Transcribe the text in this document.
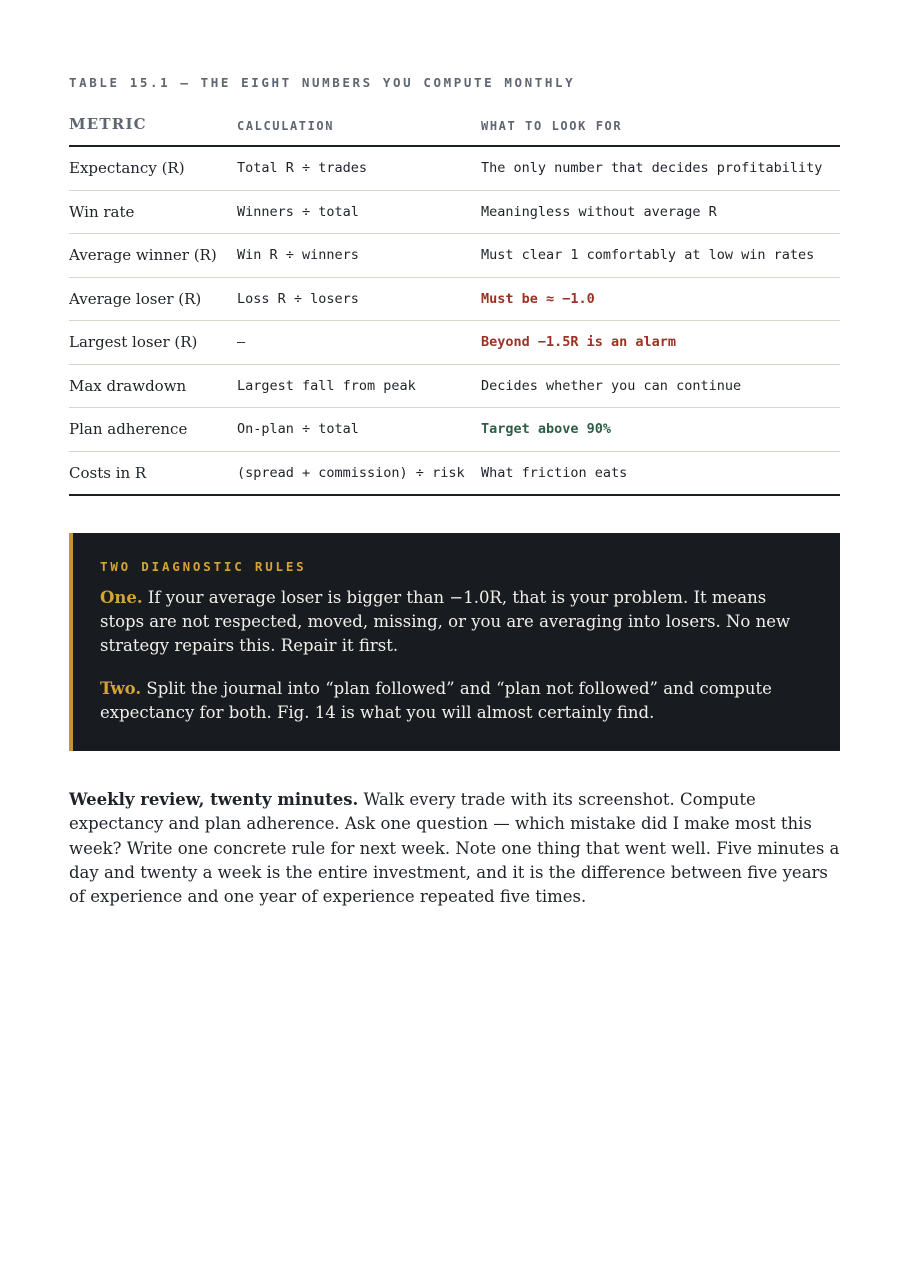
TABLE 15.1 — THE EIGHT NUMBERS YOU COMPUTE MONTHLY

METRIC	CALCULATION	WHAT TO LOOK FOR
Expectancy (R)	Total R ÷ trades	The only number that decides profitability
Win rate	Winners ÷ total	Meaningless without average R
Average winner (R)	Win R ÷ winners	Must clear 1 comfortably at low win rates
Average loser (R)	Loss R ÷ losers	Must be ≈ −1.0
Largest loser (R)	—	Beyond −1.5R is an alarm
Max drawdown	Largest fall from peak	Decides whether you can continue
Plan adherence	On-plan ÷ total	Target above 90%
Costs in R	(spread + commission) ÷ risk	What friction eats
TWO DIAGNOSTIC RULES

One. If your average loser is bigger than −1.0R, that is your problem. It means stops are not respected, moved, missing, or you are averaging into losers. No new strategy repairs this. Repair it first.

Two. Split the journal into “plan followed” and “plan not followed” and compute expectancy for both. Fig. 14 is what you will almost certainly find.

Weekly review, twenty minutes. Walk every trade with its screenshot. Compute expectancy and plan adherence. Ask one question — which mistake did I make most this week? Write one concrete rule for next week. Note one thing that went well. Five minutes a day and twenty a week is the entire investment, and it is the difference between five years of experience and one year of experience repeated five times.
